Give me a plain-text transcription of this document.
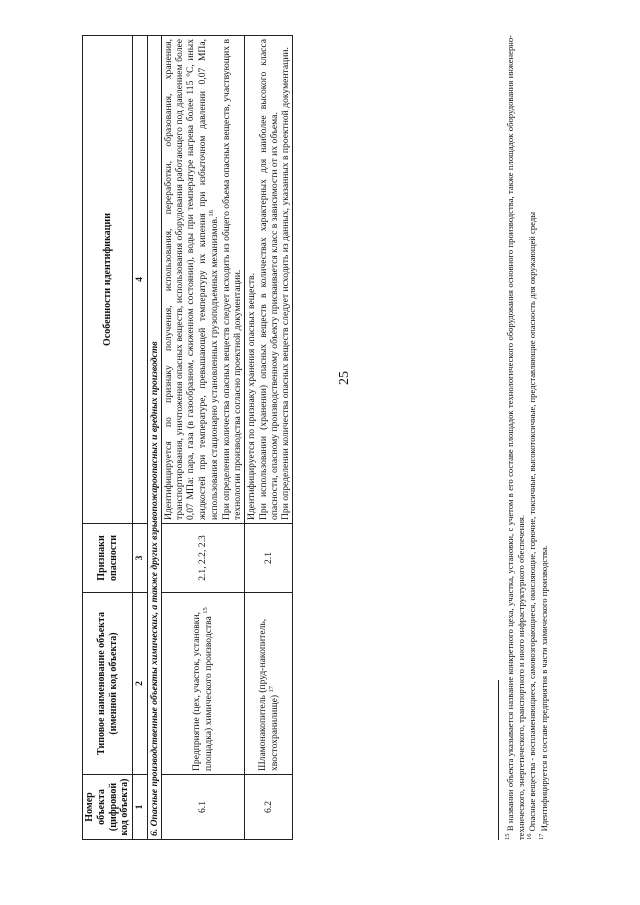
25
Номер объекта (цифровой код объекта)	Типовое наименование объекта (именной код объекта)	Признаки опасности	Особенности идентификации
1	2	3	4
6. Опасные производственные объекты химических, а также других взрывопожароопасных и вредных производств			
6.1	Предприятие (цех, участок, установки, площадка) химического производства $^{15}$	2.1, 2.2, 2.3	Идентифицируется по признаку получения, использования, переработки, образования, хранения, транспортирования, уничтожения опасных веществ, использования оборудования работающего под давлением более 0,07 МПа: пара, газа (в газообразном, сжиженном состоянии), воды при температуре нагрева более 115 °С, иных жидкостей при температуре, превышающей температуру их кипения при избыточном давлении 0,07 МПа, использования стационарно установленных грузоподъемных механизмов.$^{16}$ При определении количества опасных веществ следует исходить из общего объема опасных веществ, участвующих в технологии производства согласно проектной документации.

6.2	Шламонакопитель (пруд-накопитель, хвостохранилище) $^{17}$	2.1	Идентифицируется по признаку хранения опасных веществ. При использовании (хранении) опасных веществ в количествах характерных для наиболее высокого класса опасности, опасному производственному объекту присваивается класс в зависимости от их объема. При определении количества опасных веществ следует исходить из данных, указанных в проектной документации.

$^{15}$ В названии объекта указывается название конкретного цеха, участка, установки, с учетом в его составе площадок технологического оборудования основного производства, также площадок оборудования инженерно-технического, энергетического, транспортного и иного инфраструктурного обеспечения. $^{16}$ Опасные вещества - воспламеняющиеся, самовозгорающиеся, окисляющие, горючие, токсичные, высокотоксичные, представляющие опасность для окружающей среды

$^{17}$ Идентифицируется в составе предприятия в части химического производства.
